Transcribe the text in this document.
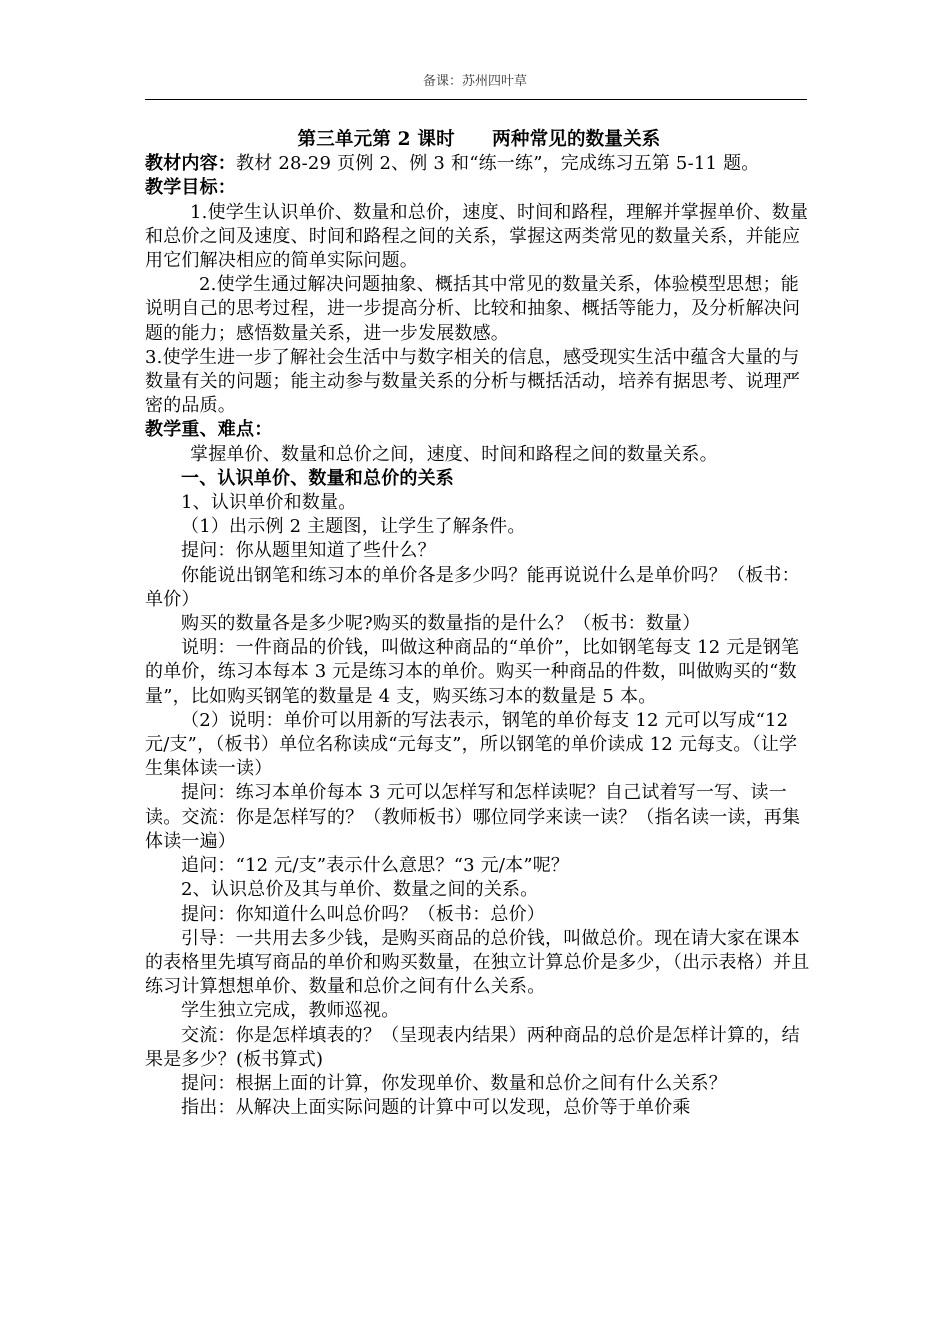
备课：苏州四叶草

第三单元第 2 课时　　两种常见的数量关系

教材内容：教材 28-29 页例 2、例 3 和“练一练”，完成练习五第 5-11 题。

教学目标：

1.使学生认识单价、数量和总价，速度、时间和路程，理解并掌握单价、数量和总价之间及速度、时间和路程之间的关系，掌握这两类常见的数量关系，并能应用它们解决相应的简单实际问题。

2.使学生通过解决问题抽象、概括其中常见的数量关系，体验模型思想；能说明自己的思考过程，进一步提高分析、比较和抽象、概括等能力，及分析解决问题的能力；感悟数量关系，进一步发展数感。

3.使学生进一步了解社会生活中与数字相关的信息，感受现实生活中蕴含大量的与数量有关的问题；能主动参与数量关系的分析与概括活动，培养有据思考、说理严密的品质。

教学重、难点：

掌握单价、数量和总价之间，速度、时间和路程之间的数量关系。

一、认识单价、数量和总价的关系

1、认识单价和数量。

（1）出示例 2 主题图，让学生了解条件。

提问：你从题里知道了些什么？

你能说出钢笔和练习本的单价各是多少吗？能再说说什么是单价吗？（板书：单价）

购买的数量各是多少呢?购买的数量指的是什么？（板书：数量）

说明：一件商品的价钱，叫做这种商品的“单价”，比如钢笔每支 12 元是钢笔的单价，练习本每本 3 元是练习本的单价。购买一种商品的件数，叫做购买的“数量”，比如购买钢笔的数量是 4 支，购买练习本的数量是 5 本。

（2）说明：单价可以用新的写法表示，钢笔的单价每支 12 元可以写成“12 元/支”，（板书）单位名称读成“元每支”，所以钢笔的单价读成 12 元每支。（让学生集体读一读）

提问：练习本单价每本 3 元可以怎样写和怎样读呢？自己试着写一写、读一读。交流：你是怎样写的？（教师板书）哪位同学来读一读？（指名读一读，再集体读一遍）

追问：“12 元/支”表示什么意思？“3 元/本”呢？

2、认识总价及其与单价、数量之间的关系。

提问：你知道什么叫总价吗？（板书：总价）

引导：一共用去多少钱，是购买商品的总价钱，叫做总价。现在请大家在课本的表格里先填写商品的单价和购买数量，在独立计算总价是多少，（出示表格）并且练习计算想想单价、数量和总价之间有什么关系。

学生独立完成，教师巡视。

交流：你是怎样填表的？（呈现表内结果）两种商品的总价是怎样计算的，结果是多少？(板书算式)

提问：根据上面的计算，你发现单价、数量和总价之间有什么关系？

指出：从解决上面实际问题的计算中可以发现，总价等于单价乘
